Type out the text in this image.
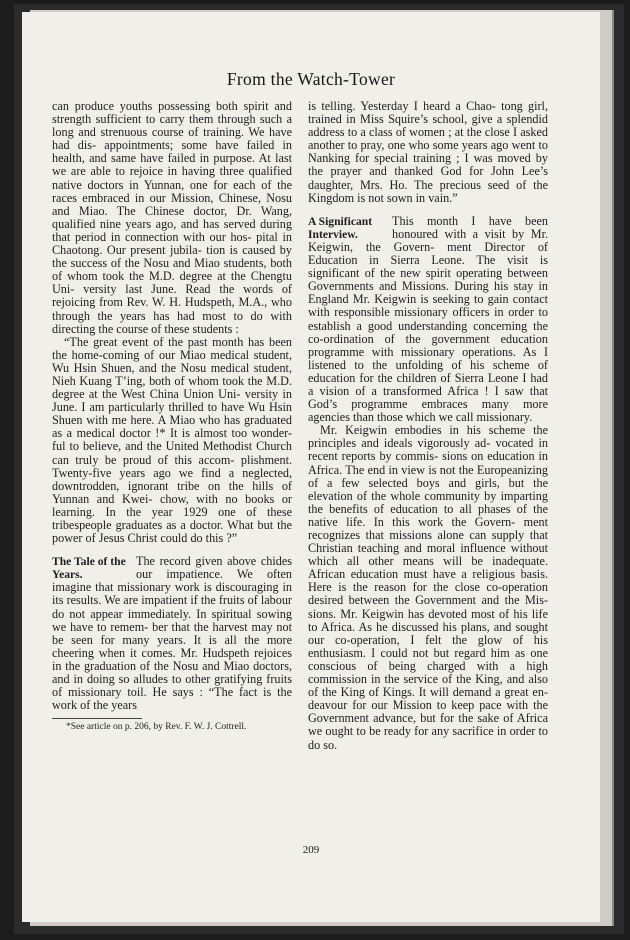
From the Watch-Tower

can produce youths possessing both spirit and strength sufficient to carry them through such a long and strenuous course of training. We have had dis- appointments; some have failed in health, and same have failed in purpose. At last we are able to rejoice in having three qualified native doctors in Yunnan, one for each of the races embraced in our Mission, Chinese, Nosu and Miao. The Chinese doctor, Dr. Wang, qualified nine years ago, and has served during that period in connection with our hos- pital in Chaotong. Our present jubila- tion is caused by the success of the Nosu and Miao students, both of whom took the M.D. degree at the Chengtu Uni- versity last June. Read the words of rejoicing from Rev. W. H. Hudspeth, M.A., who through the years has had most to do with directing the course of these students :

“The great event of the past month has been the home-coming of our Miao medical student, Wu Hsin Shuen, and the Nosu medical student, Nieh Kuang T’ing, both of whom took the M.D. degree at the West China Union Uni- versity in June. I am particularly thrilled to have Wu Hsin Shuen with me here. A Miao who has graduated as a medical doctor !* It is almost too wonder- ful to believe, and the United Methodist Church can truly be proud of this accom- plishment. Twenty-five years ago we find a neglected, downtrodden, ignorant tribe on the hills of Yunnan and Kwei- chow, with no books or learning. In the year 1929 one of these tribespeople graduates as a doctor. What but the power of Jesus Christ could do this ?”

The Tale of the Years.

The record given above chides our impatience. We often imagine that missionary work is discouraging in its results. We are impatient if the fruits of labour do not appear immediately. In spiritual sowing we have to remem- ber that the harvest may not be seen for many years. It is all the more cheering when it comes. Mr. Hudspeth rejoices in the graduation of the Nosu and Miao doctors, and in doing so alludes to other gratifying fruits of missionary toil. He says : “The fact is the work of the years

*See article on p. 206, by Rev. F. W. J. Cottrell.

is telling. Yesterday I heard a Chao- tong girl, trained in Miss Squire’s school, give a splendid address to a class of women ; at the close I asked another to pray, one who some years ago went to Nanking for special training ; I was moved by the prayer and thanked God for John Lee’s daughter, Mrs. Ho. The precious seed of the Kingdom is not sown in vain.”

A Significant Interview.

This month I have been honoured with a visit by Mr. Keigwin, the Govern- ment Director of Education in Sierra Leone. The visit is significant of the new spirit operating between Governments and Missions. During his stay in England Mr. Keigwin is seeking to gain contact with responsible missionary officers in order to establish a good understanding concerning the co-ordination of the government education programme with missionary operations. As I listened to the unfolding of his scheme of education for the children of Sierra Leone I had a vision of a transformed Africa ! I saw that God’s programme embraces many more agencies than those which we call missionary.

Mr. Keigwin embodies in his scheme the principles and ideals vigorously ad- vocated in recent reports by commis- sions on education in Africa. The end in view is not the Europeanizing of a few selected boys and girls, but the elevation of the whole community by imparting the benefits of education to all phases of the native life. In this work the Govern- ment recognizes that missions alone can supply that Christian teaching and moral influence without which all other means will be inadequate. African education must have a religious basis. Here is the reason for the close co-operation desired between the Government and the Mis- sions. Mr. Keigwin has devoted most of his life to Africa. As he discussed his plans, and sought our co-operation, I felt the glow of his enthusiasm. I could not but regard him as one conscious of being charged with a high commission in the service of the King, and also of the King of Kings. It will demand a great en- deavour for our Mission to keep pace with the Government advance, but for the sake of Africa we ought to be ready for any sacrifice in order to do so.

209
